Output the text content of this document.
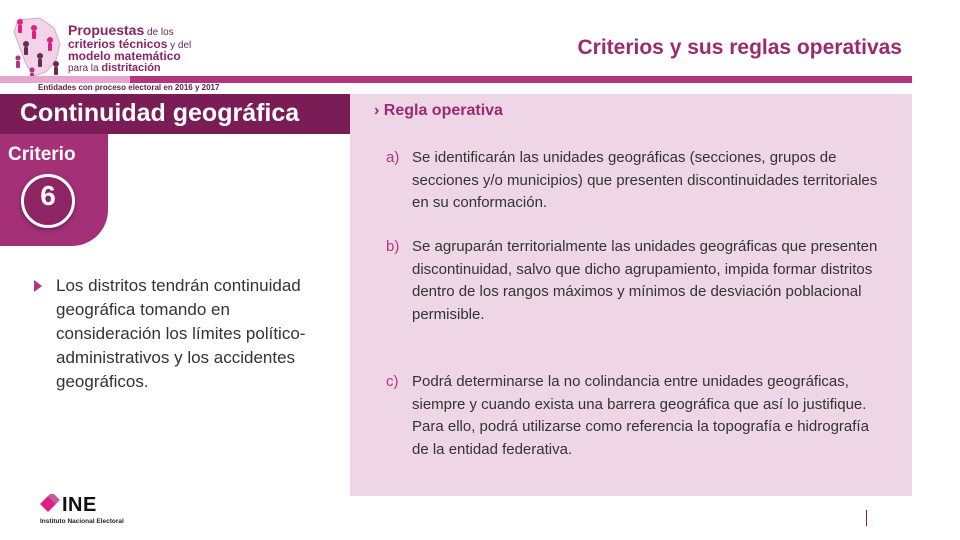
Propuestas de los
criterios técnicos y del
modelo matemático
para la distritación
Entidades con proceso electoral en 2016 y 2017
Criterios y sus reglas operativas
Continuidad geográfica
Criterio
6
Los distritos tendrán continuidad geográfica tomando en consideración los límites político-administrativos y los accidentes geográficos.
› Regla operativa
a) Se identificarán las unidades geográficas (secciones, grupos de secciones y/o municipios) que presenten discontinuidades territoriales en su conformación.
b) Se agruparán territorialmente las unidades geográficas que presenten discontinuidad, salvo que dicho agrupamiento, impida formar distritos dentro de los rangos máximos y mínimos de desviación poblacional permisible.
c) Podrá determinarse la no colindancia entre unidades geográficas, siempre y cuando exista una barrera geográfica que así lo justifique. Para ello, podrá utilizarse como referencia la topografía e hidrografía de la entidad federativa.
INE
Instituto Nacional Electoral
